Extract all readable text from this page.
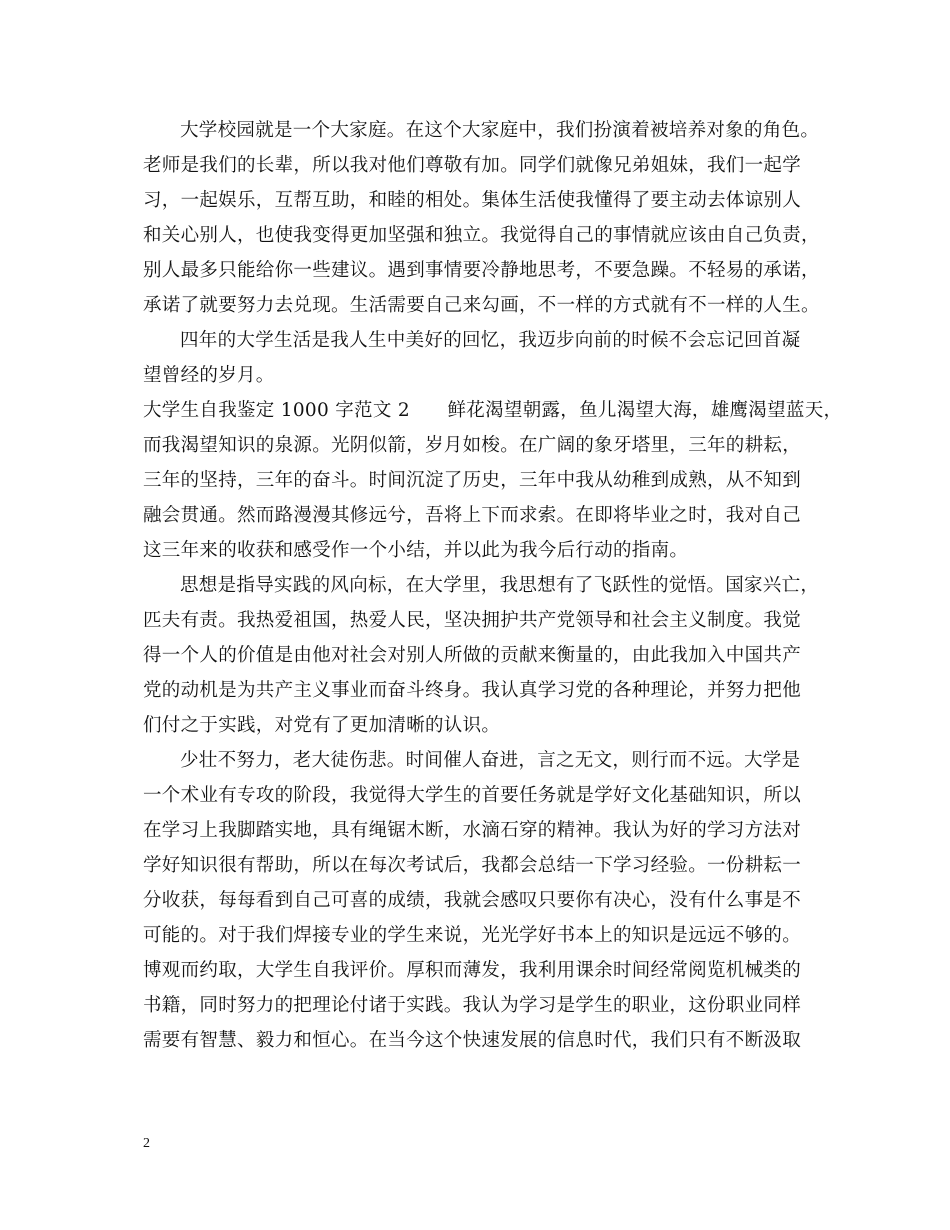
大学校园就是一个大家庭。在这个大家庭中，我们扮演着被培养对象的角色。
老师是我们的长辈，所以我对他们尊敬有加。同学们就像兄弟姐妹，我们一起学
习，一起娱乐，互帮互助，和睦的相处。集体生活使我懂得了要主动去体谅别人
和关心别人，也使我变得更加坚强和独立。我觉得自己的事情就应该由自己负责，
别人最多只能给你一些建议。遇到事情要冷静地思考，不要急躁。不轻易的承诺，
承诺了就要努力去兑现。生活需要自己来勾画，不一样的方式就有不一样的人生。
四年的大学生活是我人生中美好的回忆，我迈步向前的时候不会忘记回首凝
望曾经的岁月。
大学生自我鉴定 1000 字范文 2　　鲜花渴望朝露，鱼儿渴望大海，雄鹰渴望蓝天，
而我渴望知识的泉源。光阴似箭，岁月如梭。在广阔的象牙塔里，三年的耕耘，
三年的坚持，三年的奋斗。时间沉淀了历史，三年中我从幼稚到成熟，从不知到
融会贯通。然而路漫漫其修远兮，吾将上下而求索。在即将毕业之时，我对自己
这三年来的收获和感受作一个小结，并以此为我今后行动的指南。
思想是指导实践的风向标，在大学里，我思想有了飞跃性的觉悟。国家兴亡，
匹夫有责。我热爱祖国，热爱人民，坚决拥护共产党领导和社会主义制度。我觉
得一个人的价值是由他对社会对别人所做的贡献来衡量的，由此我加入中国共产
党的动机是为共产主义事业而奋斗终身。我认真学习党的各种理论，并努力把他
们付之于实践，对党有了更加清晰的认识。
少壮不努力，老大徒伤悲。时间催人奋进，言之无文，则行而不远。大学是
一个术业有专攻的阶段，我觉得大学生的首要任务就是学好文化基础知识，所以
在学习上我脚踏实地，具有绳锯木断，水滴石穿的精神。我认为好的学习方法对
学好知识很有帮助，所以在每次考试后，我都会总结一下学习经验。一份耕耘一
分收获，每每看到自己可喜的成绩，我就会感叹只要你有决心，没有什么事是不
可能的。对于我们焊接专业的学生来说，光光学好书本上的知识是远远不够的。
博观而约取，大学生自我评价。厚积而薄发，我利用课余时间经常阅览机械类的
书籍，同时努力的把理论付诸于实践。我认为学习是学生的职业，这份职业同样
需要有智慧、毅力和恒心。在当今这个快速发展的信息时代，我们只有不断汲取
2
